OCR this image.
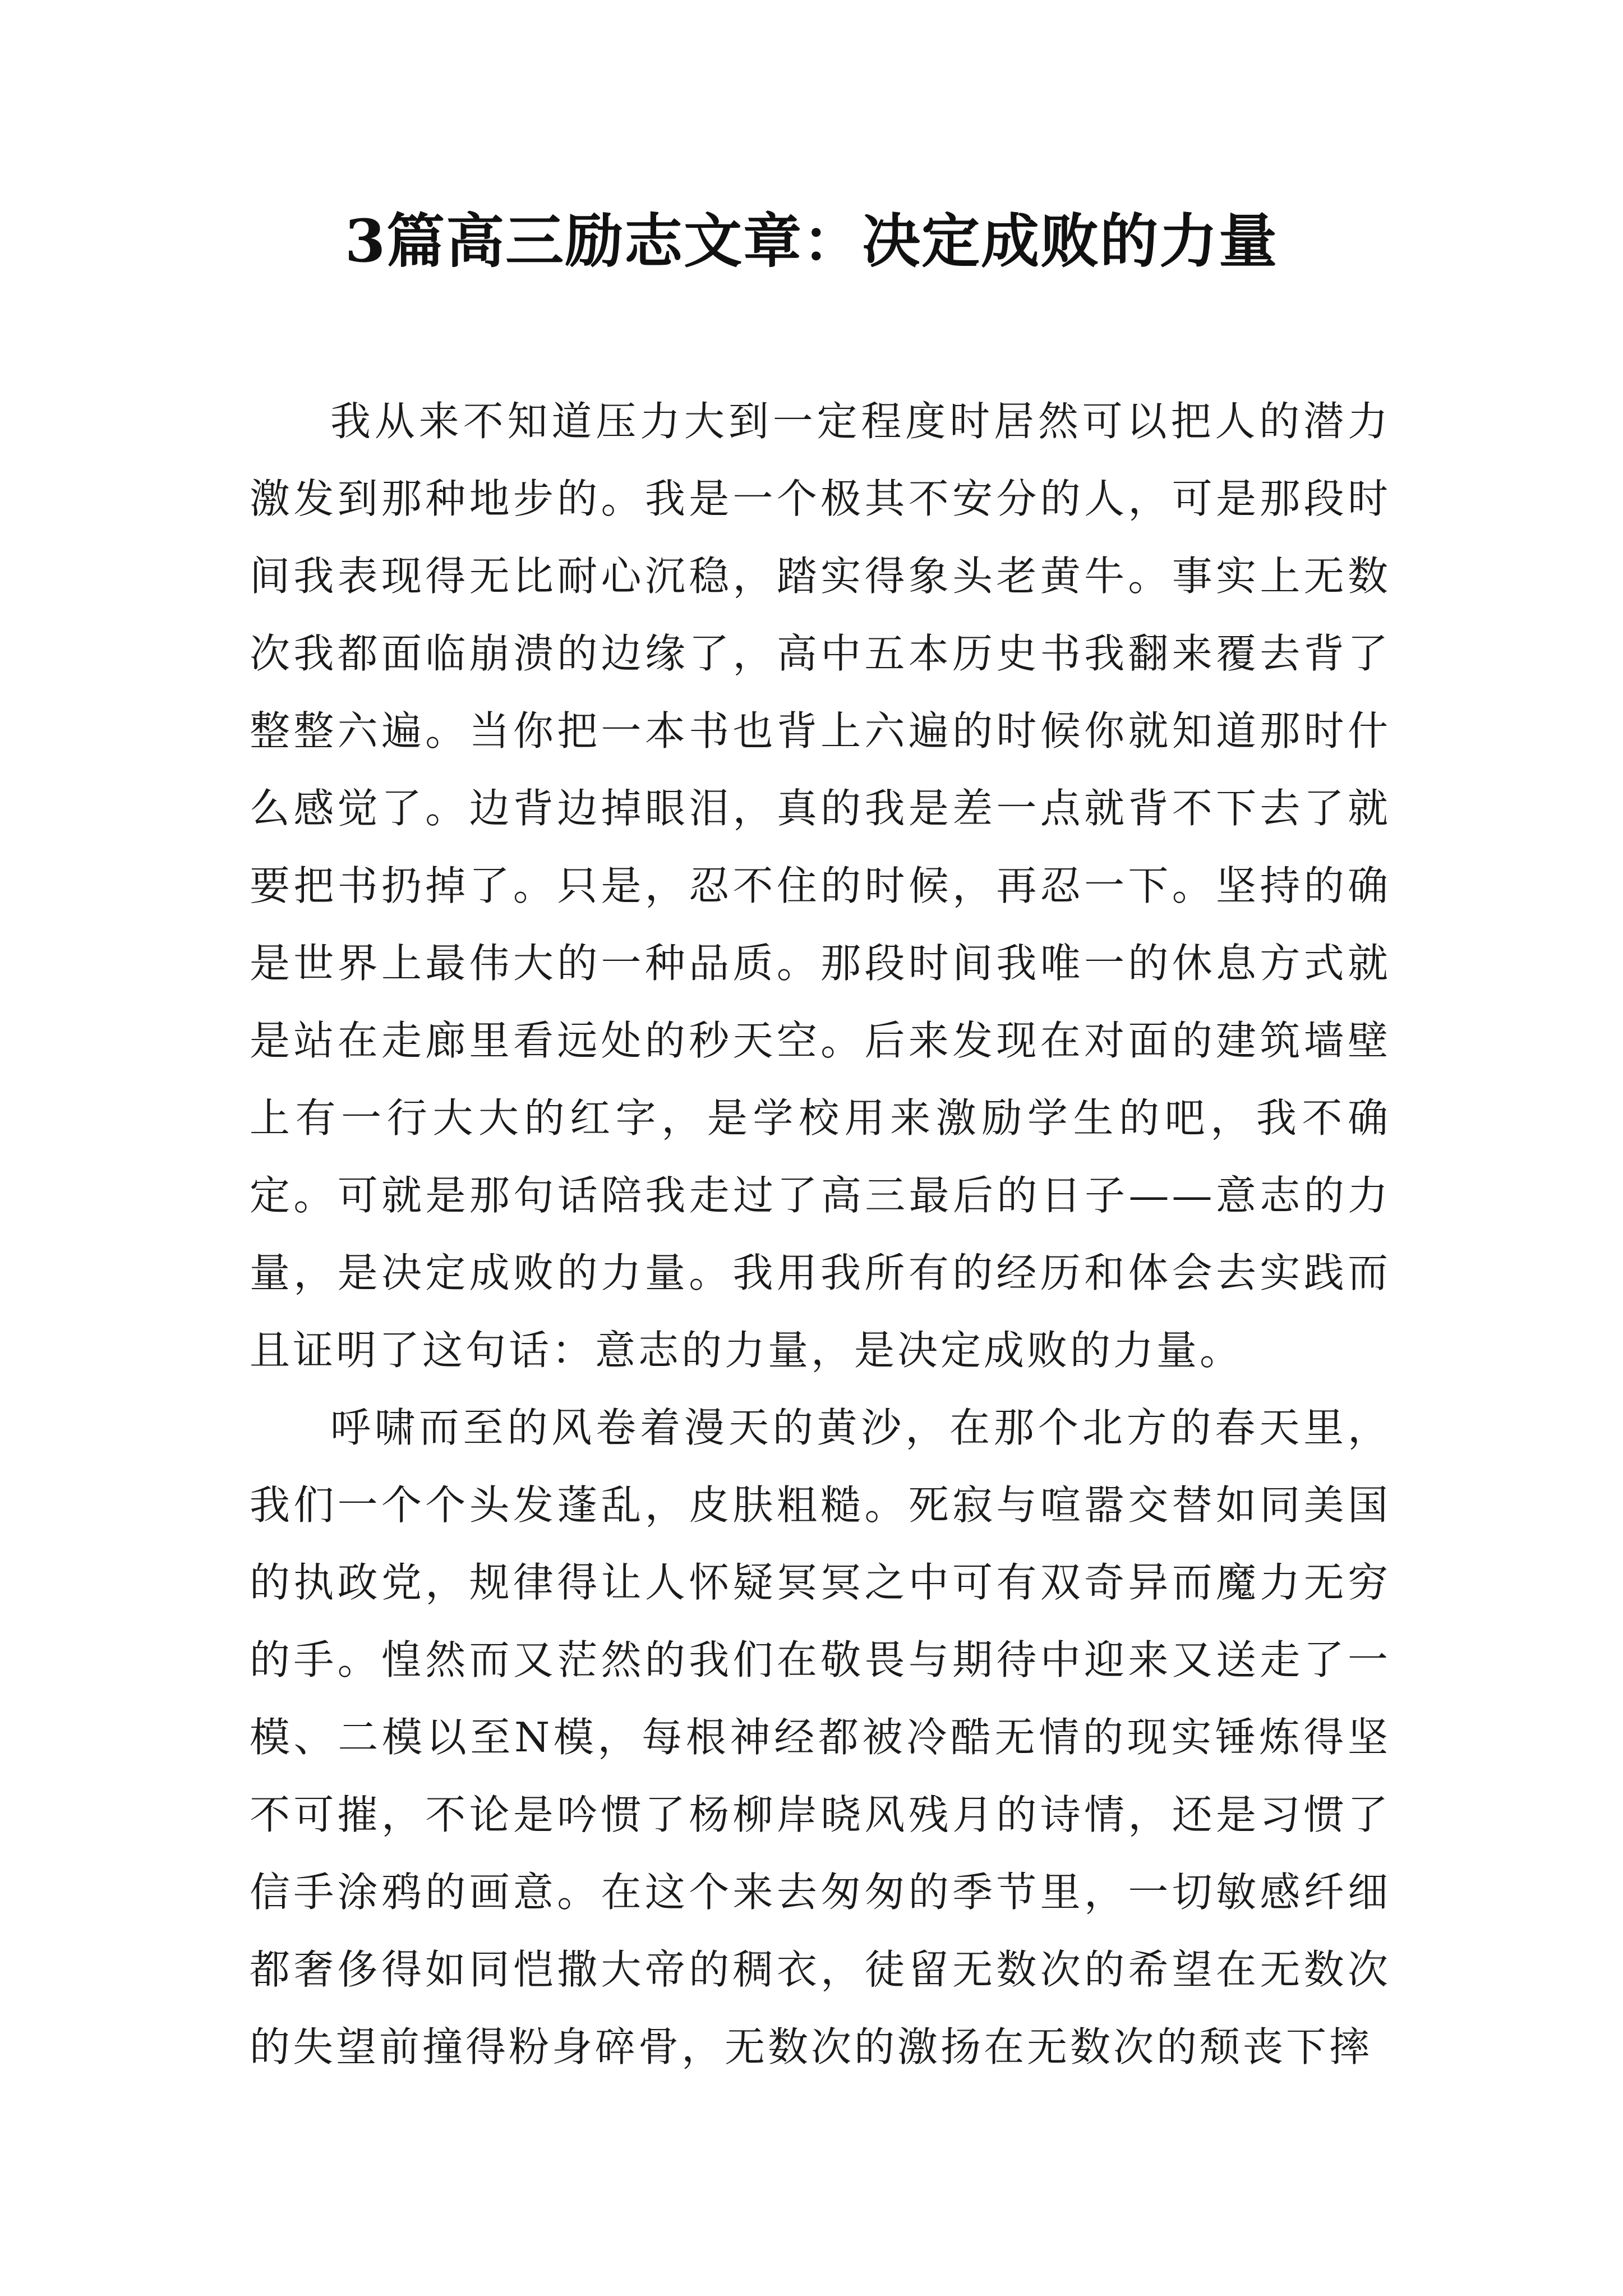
3篇高三励志文章：决定成败的力量

我从来不知道压力大到一定程度时居然可以把人的潜力激发到那种地步的。我是一个极其不安分的人，可是那段时间我表现得无比耐心沉稳，踏实得象头老黄牛。事实上无数次我都面临崩溃的边缘了，高中五本历史书我翻来覆去背了整整六遍。当你把一本书也背上六遍的时候你就知道那时什么感觉了。边背边掉眼泪，真的我是差一点就背不下去了就要把书扔掉了。只是，忍不住的时候，再忍一下。坚持的确是世界上最伟大的一种品质。那段时间我唯一的休息方式就是站在走廊里看远处的秒天空。后来发现在对面的建筑墙壁上有一行大大的红字，是学校用来激励学生的吧，我不确定。可就是那句话陪我走过了高三最后的日子——意志的力量，是决定成败的力量。我用我所有的经历和体会去实践而且证明了这句话：意志的力量，是决定成败的力量。

呼啸而至的风卷着漫天的黄沙，在那个北方的春天里，我们一个个头发蓬乱，皮肤粗糙。死寂与喧嚣交替如同美国的执政党，规律得让人怀疑冥冥之中可有双奇异而魔力无穷的手。惶然而又茫然的我们在敬畏与期待中迎来又送走了一模、二模以至N模，每根神经都被冷酷无情的现实锤炼得坚不可摧，不论是吟惯了杨柳岸晓风残月的诗情，还是习惯了信手涂鸦的画意。在这个来去匆匆的季节里，一切敏感纤细都奢侈得如同恺撒大帝的稠衣，徒留无数次的希望在无数次的失望前撞得粉身碎骨，无数次的激扬在无数次的颓丧下摔
